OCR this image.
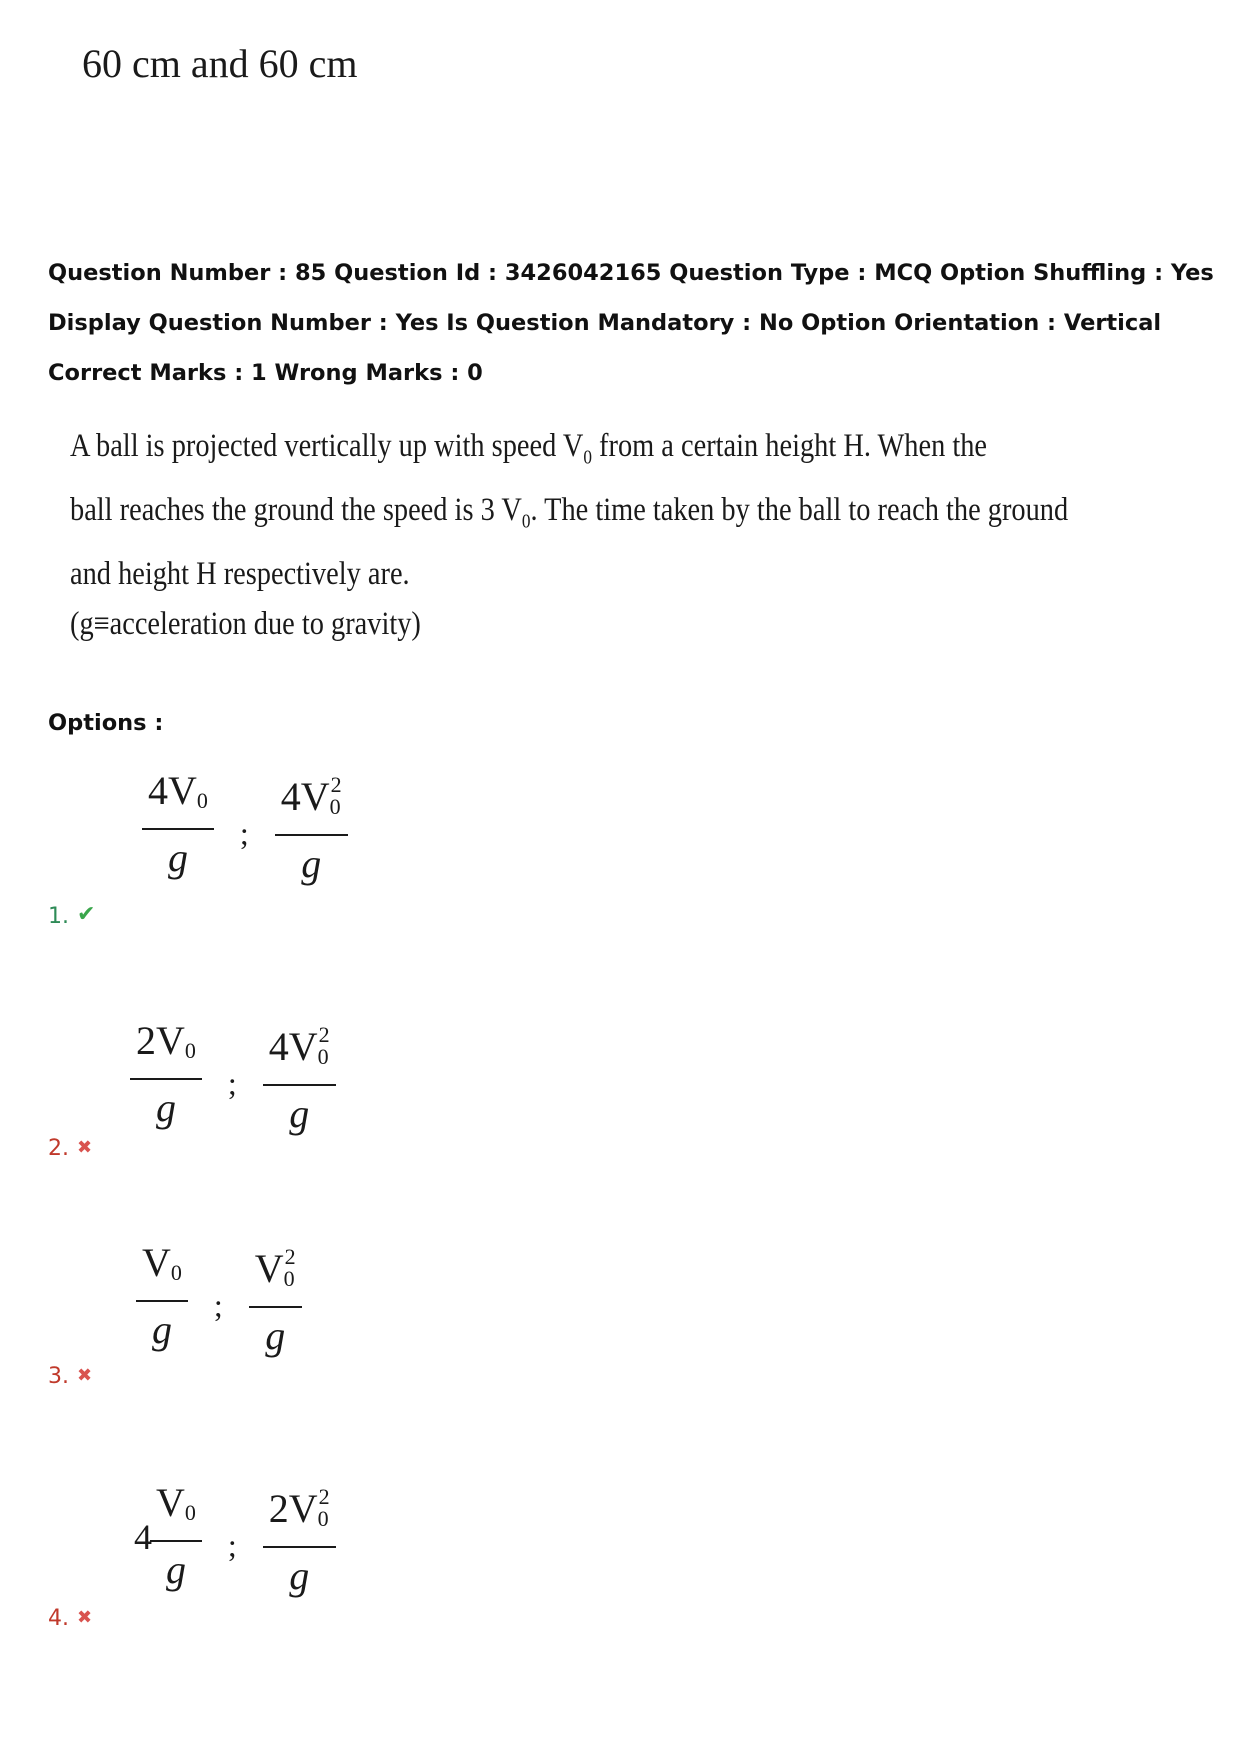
60 cm and 60 cm

Question Number : 85 Question Id : 3426042165 Question Type : MCQ Option Shuffling : Yes
Display Question Number : Yes Is Question Mandatory : No Option Orientation : Vertical
Correct Marks : 1 Wrong Marks : 0
A ball is projected vertically up with speed $V_0$ from a certain height H. When the
ball reaches the ground the speed is 3 $V_0$. The time taken by the ball to reach the ground
and height H respectively are.
(g≡acceleration due to gravity)
Options :
$\frac{4V_0}{g}$ ; $\frac{4V_0^2}{g}$
1. ✔
$\frac{2V_0}{g}$ ; $\frac{4V_0^2}{g}$
2. ✖
$\frac{V_0}{g}$ ; $\frac{V_0^2}{g}$
3. ✖
4
$\frac{V_0}{g}$ ; $\frac{2V_0^2}{g}$
4. ✖
